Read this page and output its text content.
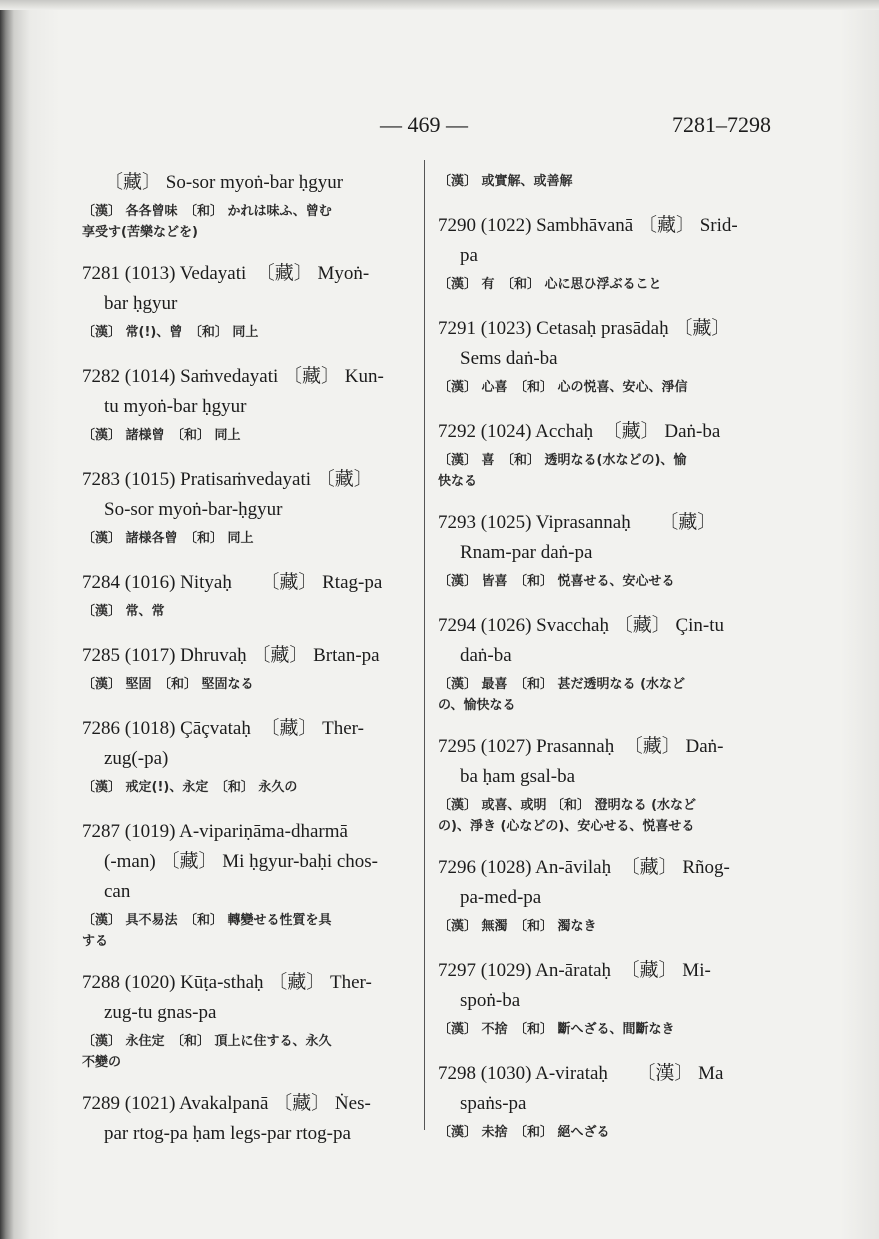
— 469 —	7281–7298
〔藏〕 So-sor myoṅ-bar ḥgyur
〔漢〕 各各曾味　〔和〕 かれは味ふ、曾む
享受す(苦樂などを)
7281 (1013) Vedayati　〔藏〕 Myoṅ-
bar ḥgyur
〔漢〕 常(!)、曾　〔和〕 同上
7282 (1014) Saṁvedayati 〔藏〕 Kun-
tu myoṅ-bar ḥgyur
〔漢〕 諸様曾　〔和〕 同上
7283 (1015) Pratisaṁvedayati 〔藏〕
So-sor myoṅ-bar-ḥgyur
〔漢〕 諸様各曾　〔和〕 同上
7284 (1016) Nityaḥ　　〔藏〕 Rtag-pa
〔漢〕 常、常
7285 (1017) Dhruvaḥ 〔藏〕 Brtan-pa
〔漢〕 堅固　〔和〕 堅固なる
7286 (1018) Çāçvataḥ　〔藏〕 Ther-
zug(-pa)
〔漢〕 戒定(!)、永定　〔和〕 永久の
7287 (1019) A-vipariṇāma-dharmā
(-man) 〔藏〕 Mi ḥgyur-baḥi chos-
can
〔漢〕 具不易法　〔和〕 轉變せる性質を具
する
7288 (1020) Kūṭa-sthaḥ 〔藏〕 Ther-
zug-tu gnas-pa
〔漢〕 永住定　〔和〕 頂上に住する、永久
不變の
7289 (1021) Avakalpanā 〔藏〕 Ṅes-
par rtog-pa ḥam legs-par rtog-pa
〔漢〕 或實解、或善解
7290 (1022) Sambhāvanā 〔藏〕 Srid-
pa
〔漢〕 有　〔和〕 心に思ひ浮ぶること
7291 (1023) Cetasaḥ prasādaḥ 〔藏〕
Sems daṅ-ba
〔漢〕 心喜　〔和〕 心の悦喜、安心、淨信
7292 (1024) Acchaḥ　〔藏〕 Daṅ-ba
〔漢〕 喜　〔和〕 透明なる(水などの)、愉
快なる
7293 (1025) Viprasannaḥ　　〔藏〕
Rnam-par daṅ-pa
〔漢〕 皆喜　〔和〕 悦喜せる、安心せる
7294 (1026) Svacchaḥ 〔藏〕 Çin-tu
daṅ-ba
〔漢〕 最喜　〔和〕 甚だ透明なる (水など
の、愉快なる
7295 (1027) Prasannaḥ　〔藏〕 Daṅ-
ba ḥam gsal-ba
〔漢〕 或喜、或明 〔和〕 澄明なる (水など
の)、淨き (心などの)、安心せる、悦喜せる
7296 (1028) An-āvilaḥ　〔藏〕 Rñog-
pa-med-pa
〔漢〕 無濁　〔和〕 濁なき
7297 (1029) An-ārataḥ　〔藏〕 Mi-
spoṅ-ba
〔漢〕 不捨　〔和〕 斷へざる、間斷なき
7298 (1030) A-virataḥ　　〔漢〕 Ma
spaṅs-pa
〔漢〕 未捨　〔和〕 絕へざる
